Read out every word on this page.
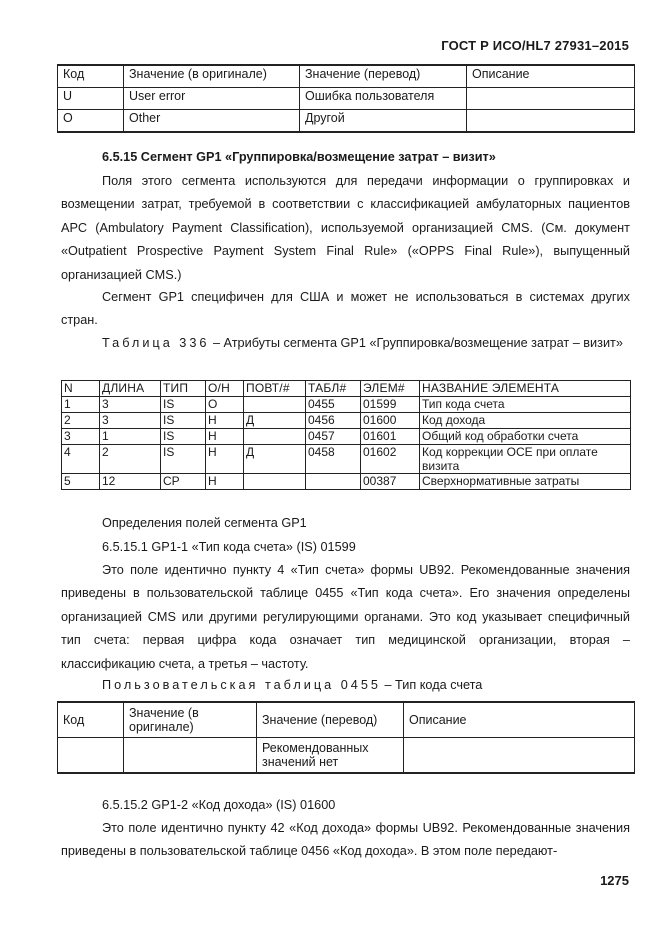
ГОСТ Р ИСО/HL7 27931–2015
Код	Значение (в оригинале)	Значение (перевод)	Описание
U	User error	Ошибка пользователя	
O	Other	Другой	
6.5.15 Сегмент GP1 «Группировка/возмещение затрат – визит»
Поля этого сегмента используются для передачи информации о группировках и возмещении затрат, требуемой в соответствии с классификацией амбулаторных пациентов APC (Ambulatory Payment Classification), используемой организацией CMS. (См. документ «Outpatient Prospective Payment System Final Rule» («OPPS Final Rule»), выпущенный организацией CMS.)
Сегмент GP1 специфичен для США и может не использоваться в системах других стран.
Таблица 336 – Атрибуты сегмента GP1 «Группировка/возмещение затрат – визит»
N	ДЛИНА	ТИП	О/Н	ПОВТ/#	ТАБЛ#	ЭЛЕМ#	НАЗВАНИЕ ЭЛЕМЕНТА
1	3	IS	О		0455	01599	Тип кода счета
2	3	IS	Н	Д	0456	01600	Код дохода
3	1	IS	Н		0457	01601	Общий код обработки счета
4	2	IS	Н	Д	0458	01602	Код коррекции OCE при оплате визита
5	12	CP	Н			00387	Сверхнормативные затраты
Определения полей сегмента GP1
6.5.15.1 GP1-1 «Тип кода счета» (IS) 01599
Это поле идентично пункту 4 «Тип счета» формы UB92. Рекомендованные значения приведены в пользовательской таблице 0455 «Тип кода счета». Его значения определены организацией CMS или другими регулирующими органами. Это код указывает специфичный тип счета: первая цифра кода означает тип медицинской организации, вторая – классификацию счета, а третья – частоту.
Пользовательская таблица 0455 – Тип кода счета
Код	Значение (в оригинале)	Значение (перевод)	Описание
		Рекомендованных значений нет	
6.5.15.2 GP1-2 «Код дохода» (IS) 01600
Это поле идентично пункту 42 «Код дохода» формы UB92. Рекомендованные значения приведены в пользовательской таблице 0456 «Код дохода». В этом поле передают-
1275
